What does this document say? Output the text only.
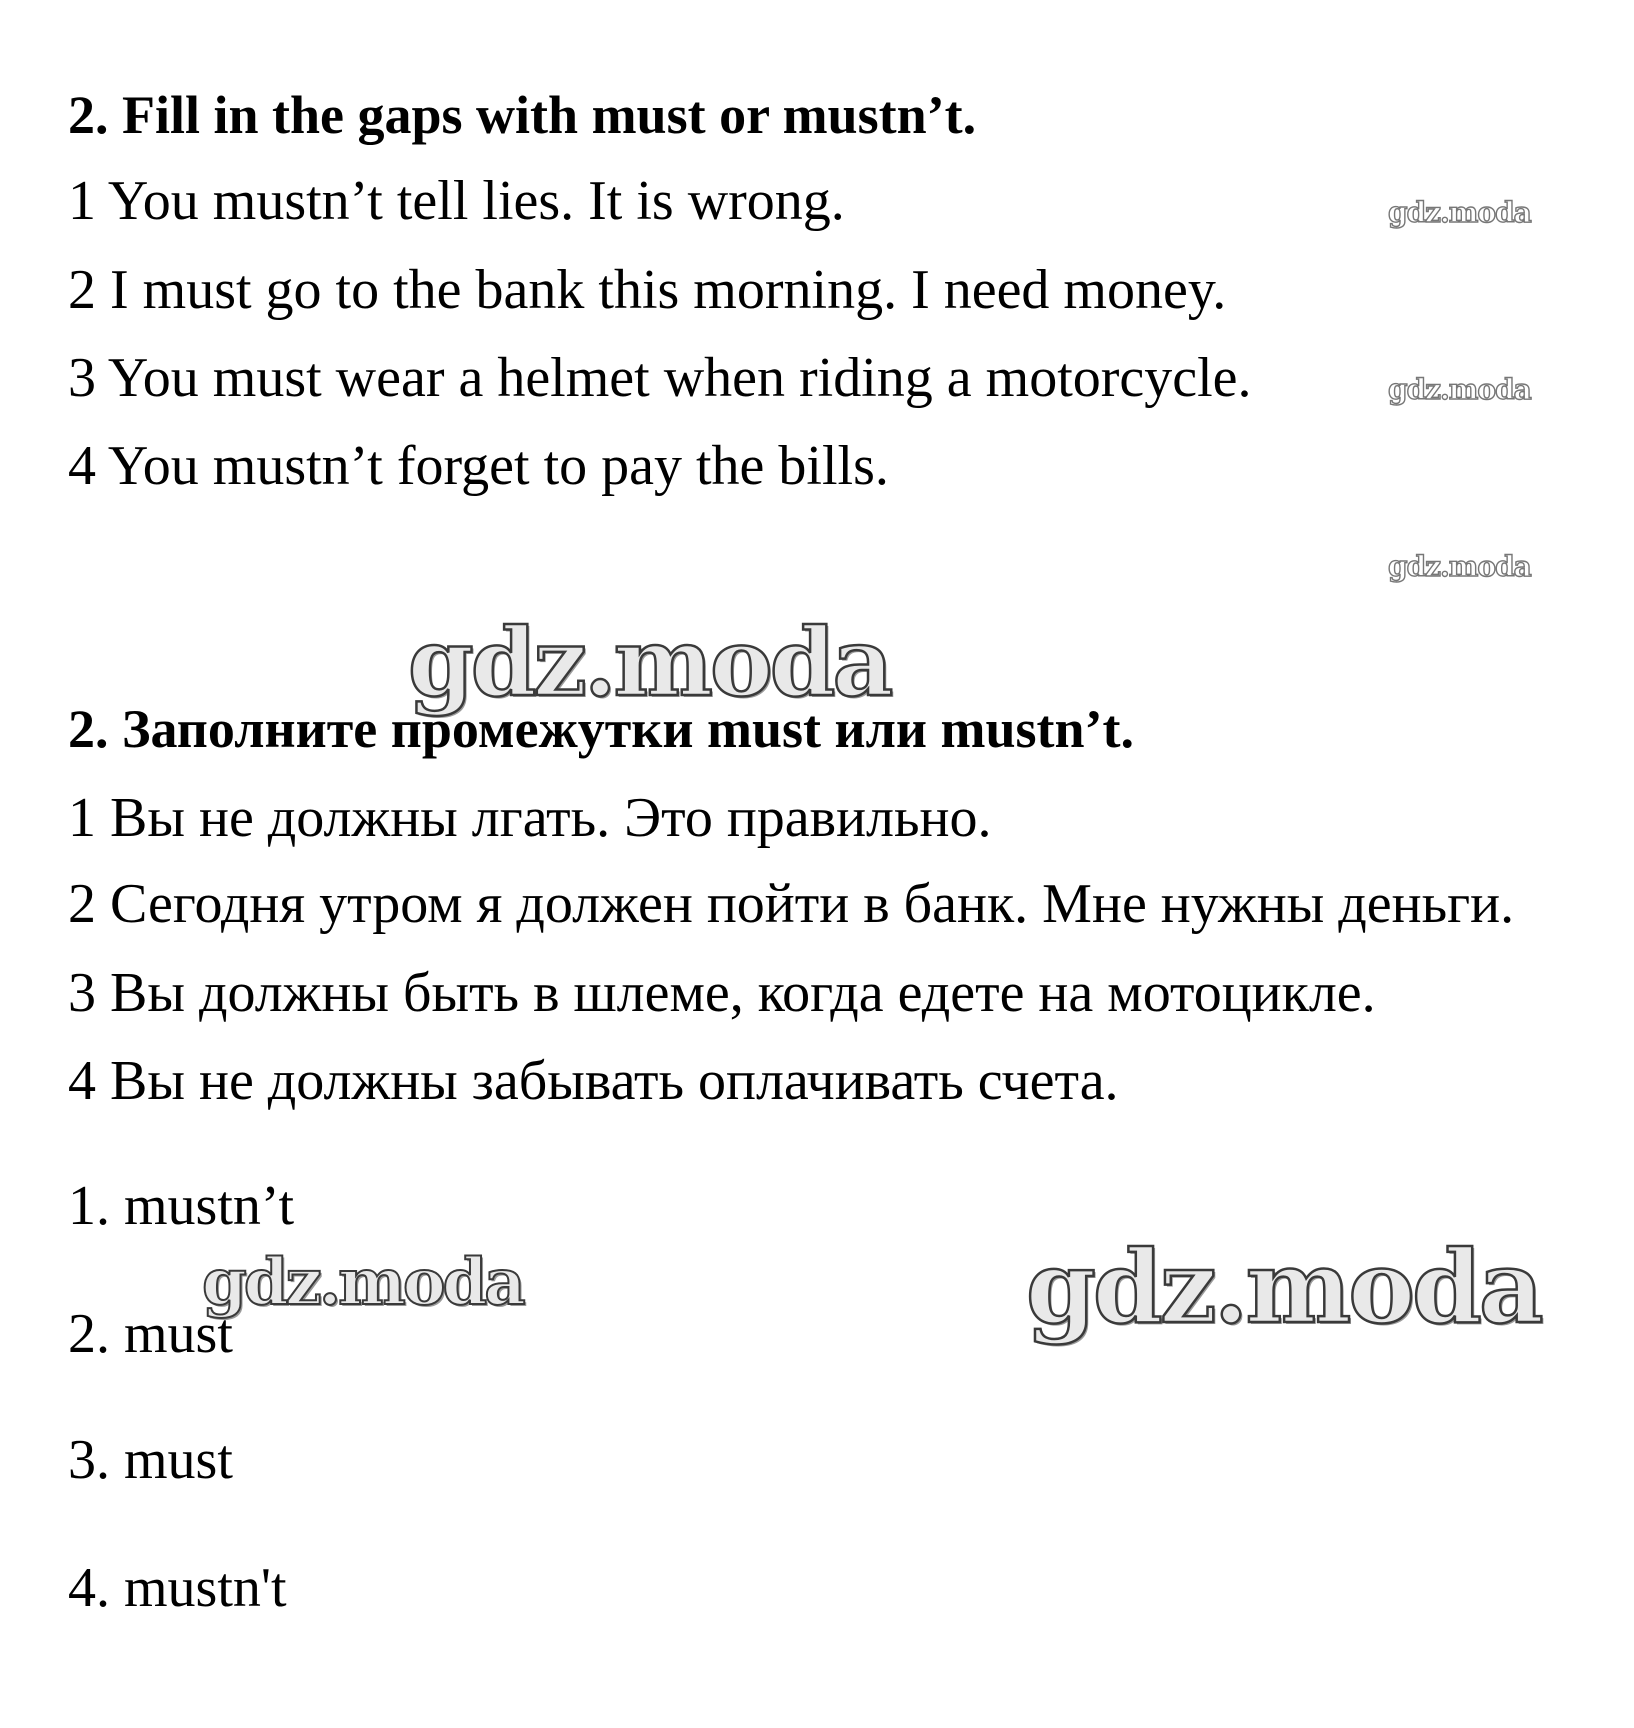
2. Fill in the gaps with must or mustn’t.
1 You mustn’t tell lies. It is wrong.
2 I must go to the bank this morning. I need money.
3 You must wear a helmet when riding a motorcycle.
4 You mustn’t forget to pay the bills.
gdz.moda
gdz.moda
gdz.moda
gdz.moda
2. Заполните промежутки must или mustn’t.
1 Вы не должны лгать. Это правильно.
2 Сегодня утром я должен пойти в банк. Мне нужны деньги.
3 Вы должны быть в шлеме, когда едете на мотоцикле.
4 Вы не должны забывать оплачивать счета.
1. mustn’t
2. must
3. must
4. mustn't
gdz.moda	gdz.moda
